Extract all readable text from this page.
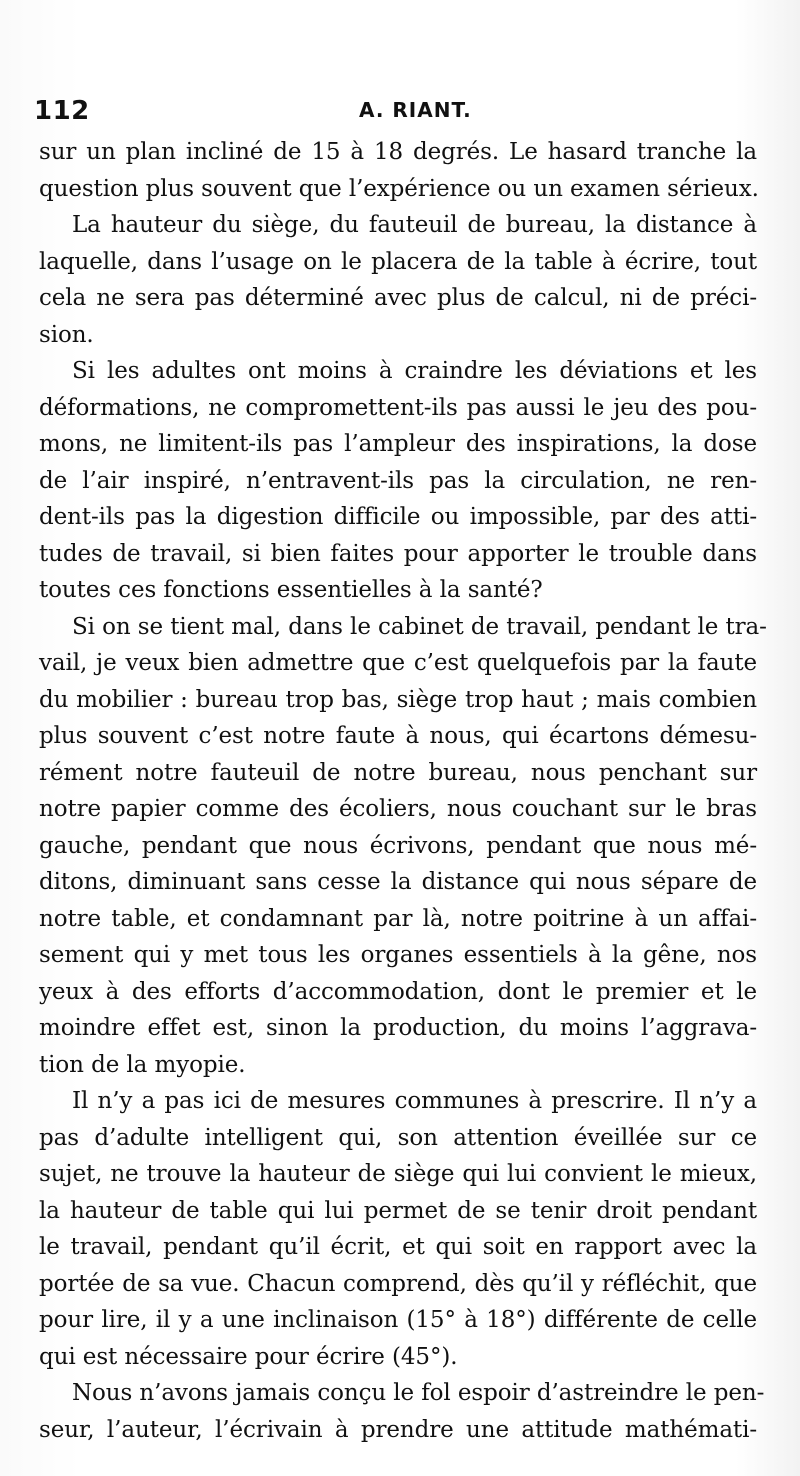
112	A. RIANT.
sur un plan incliné de 15 à 18 degrés. Le hasard tranche la
question plus souvent que l’expérience ou un examen sérieux.
La hauteur du siège, du fauteuil de bureau, la distance à
laquelle, dans l’usage on le placera de la table à écrire, tout
cela ne sera pas déterminé avec plus de calcul, ni de préci-
sion.
Si les adultes ont moins à craindre les déviations et les
déformations, ne compromettent-ils pas aussi le jeu des pou-
mons, ne limitent-ils pas l’ampleur des inspirations, la dose
de l’air inspiré, n’entravent-ils pas la circulation, ne ren-
dent-ils pas la digestion difficile ou impossible, par des atti-
tudes de travail, si bien faites pour apporter le trouble dans
toutes ces fonctions essentielles à la santé?
Si on se tient mal, dans le cabinet de travail, pendant le tra-
vail, je veux bien admettre que c’est quelquefois par la faute
du mobilier : bureau trop bas, siège trop haut ; mais combien
plus souvent c’est notre faute à nous, qui écartons démesu-
rément notre fauteuil de notre bureau, nous penchant sur
notre papier comme des écoliers, nous couchant sur le bras
gauche, pendant que nous écrivons, pendant que nous mé-
ditons, diminuant sans cesse la distance qui nous sépare de
notre table, et condamnant par là, notre poitrine à un affai-
sement qui y met tous les organes essentiels à la gêne, nos
yeux à des efforts d’accommodation, dont le premier et le
moindre effet est, sinon la production, du moins l’aggrava-
tion de la myopie.
Il n’y a pas ici de mesures communes à prescrire. Il n’y a
pas d’adulte intelligent qui, son attention éveillée sur ce
sujet, ne trouve la hauteur de siège qui lui convient le mieux,
la hauteur de table qui lui permet de se tenir droit pendant
le travail, pendant qu’il écrit, et qui soit en rapport avec la
portée de sa vue. Chacun comprend, dès qu’il y réfléchit, que
pour lire, il y a une inclinaison (15° à 18°) différente de celle
qui est nécessaire pour écrire (45°).
Nous n’avons jamais conçu le fol espoir d’astreindre le pen-
seur, l’auteur, l’écrivain à prendre une attitude mathémati-
